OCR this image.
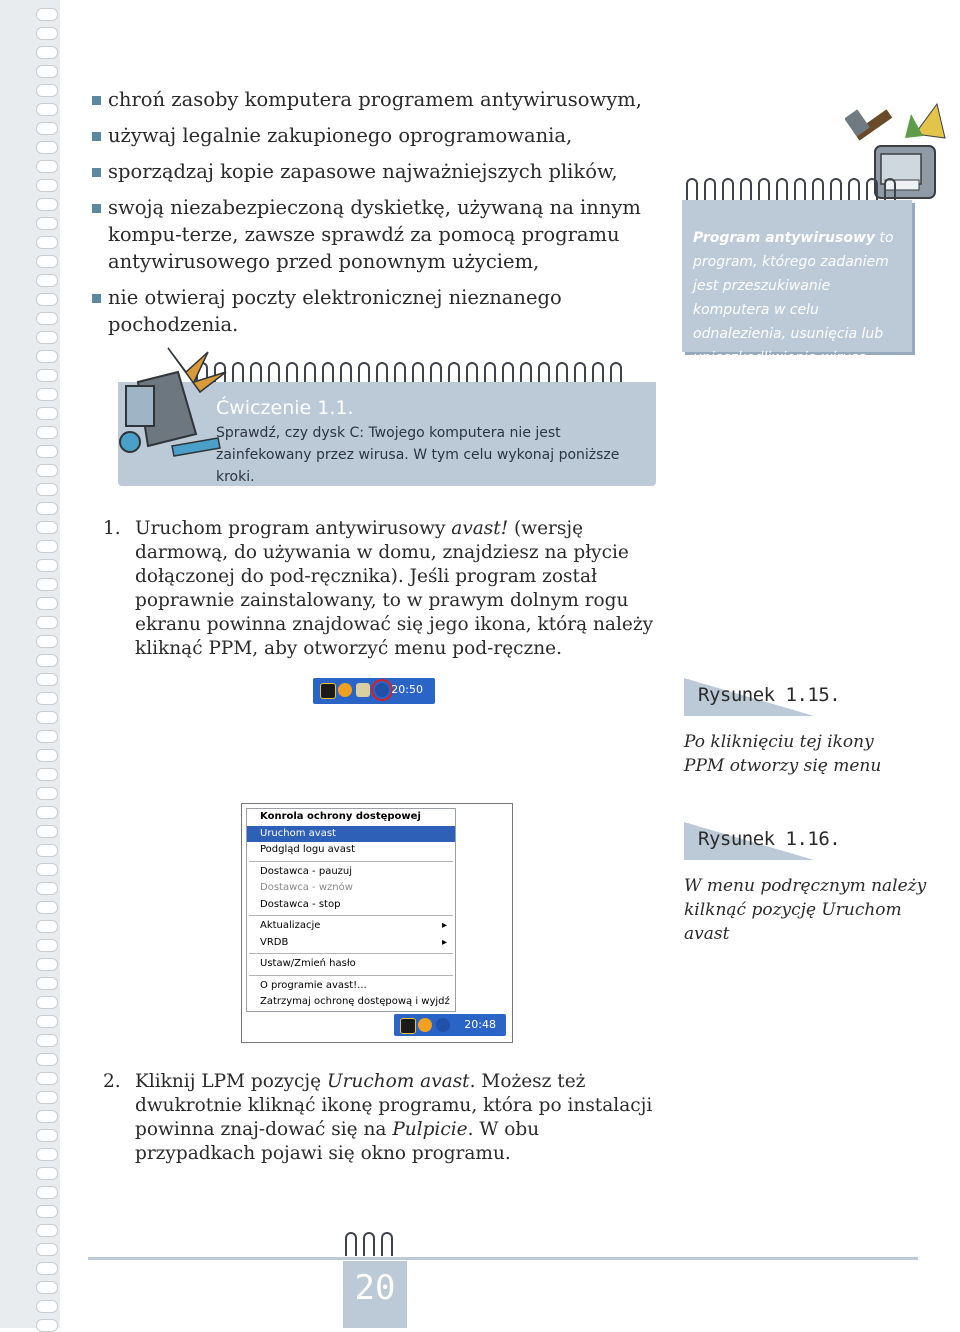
chroń zasoby komputera programem antywirusowym,
używaj legalnie zakupionego oprogramowania,
sporządzaj kopie zapasowe najważniejszych plików,
swoją niezabezpieczoną dyskietkę, używaną na innym kompu-terze, zawsze sprawdź za pomocą programu antywirusowego przed ponownym użyciem,
nie otwieraj poczty elektronicznej nieznanego pochodzenia.
Program antywirusowy to program, którego zadaniem jest przeszukiwanie komputera w celu odnalezienia, usunięcia lub unieszkodliwienia wirusa.
Ćwiczenie 1.1.
Sprawdź, czy dysk C: Twojego komputera nie jest zainfekowany przez wirusa. W tym celu wykonaj poniższe kroki.
1. Uruchom program antywirusowy avast! (wersję darmową, do używania w domu, znajdziesz na płycie dołączonej do pod-ręcznika). Jeśli program został poprawnie zainstalowany, to w prawym dolnym rogu ekranu powinna znajdować się jego ikona, którą należy kliknąć PPM, aby otworzyć menu pod-ręczne.
20:50	Rysunek 1.15.
Po kliknięciu tej ikony PPM otworzy się menu
Konrola ochrony dostępowej
Uruchom avast
Podgląd logu avast
Dostawca - pauzuj
Dostawca - wznów
Dostawca - stop
Aktualizacje	▸
VRDB	▸
Ustaw/Zmień hasło
O programie avast!...
Zatrzymaj ochronę dostępową i wyjdź
20:48
Rysunek 1.16.
W menu podręcznym należy kilknąć pozycję Uruchom avast
2. Kliknij LPM pozycję Uruchom avast. Możesz też dwukrotnie kliknąć ikonę programu, która po instalacji powinna znaj-dować się na Pulpicie. W obu przypadkach pojawi się okno programu.
20
